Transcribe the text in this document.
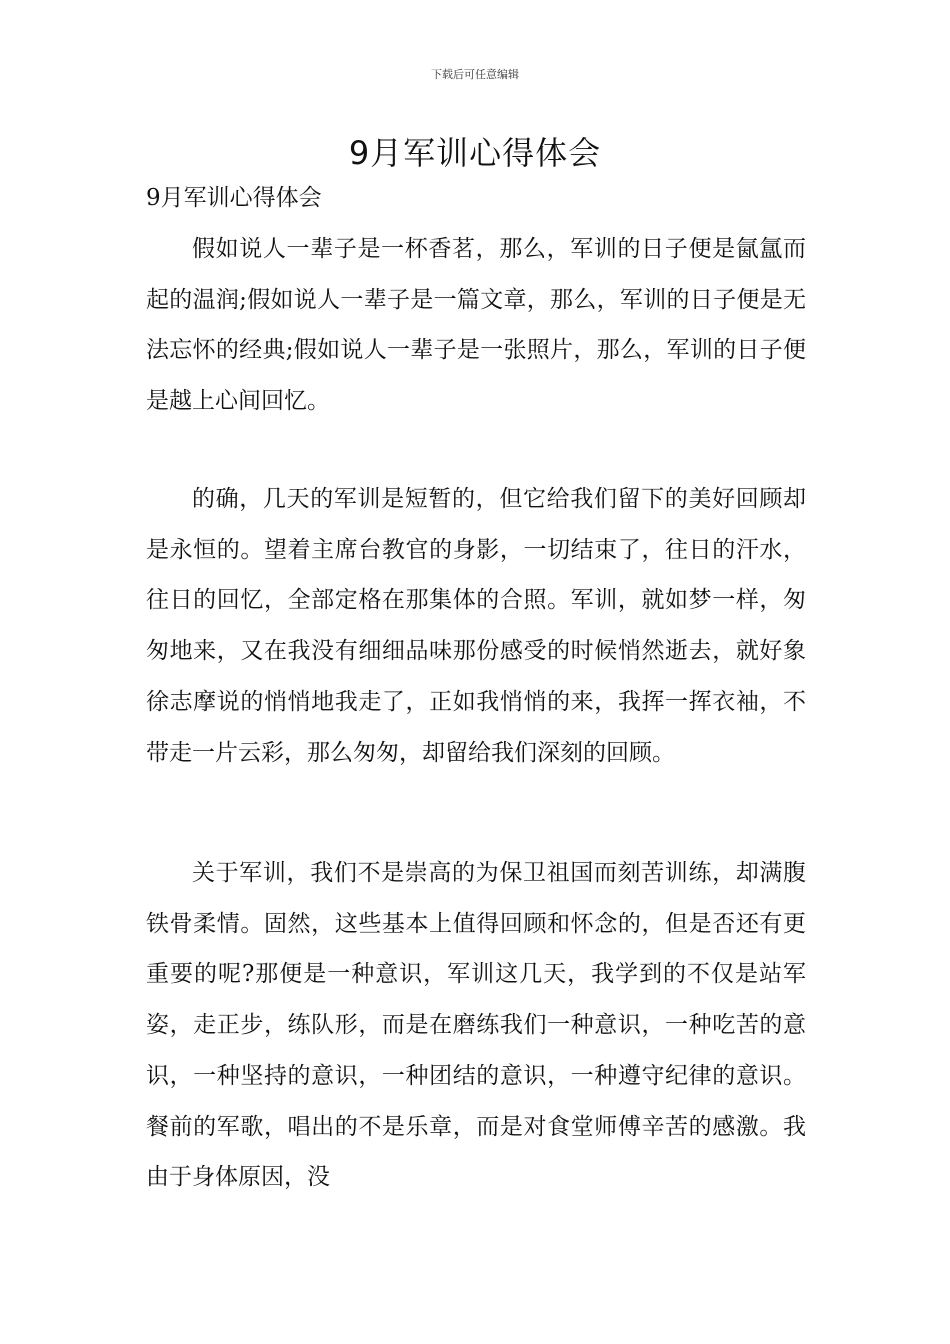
下载后可任意编辑
9月军训心得体会
9月军训心得体会

假如说人一辈子是一杯香茗，那么，军训的日子便是氤氲而起的温润;假如说人一辈子是一篇文章，那么，军训的日子便是无法忘怀的经典;假如说人一辈子是一张照片，那么，军训的日子便是越上心间回忆。

的确，几天的军训是短暂的，但它给我们留下的美好回顾却是永恒的。望着主席台教官的身影，一切结束了，往日的汗水，往日的回忆，全部定格在那集体的合照。军训，就如梦一样，匆匆地来，又在我没有细细品味那份感受的时候悄然逝去，就好象徐志摩说的悄悄地我走了，正如我悄悄的来，我挥一挥衣袖，不带走一片云彩，那么匆匆，却留给我们深刻的回顾。

关于军训，我们不是崇高的为保卫祖国而刻苦训练，却满腹铁骨柔情。固然，这些基本上值得回顾和怀念的，但是否还有更重要的呢?那便是一种意识，军训这几天，我学到的不仅是站军姿，走正步，练队形，而是在磨练我们一种意识，一种吃苦的意识，一种坚持的意识，一种团结的意识，一种遵守纪律的意识。餐前的军歌，唱出的不是乐章，而是对食堂师傅辛苦的感激。我由于身体原因，没
